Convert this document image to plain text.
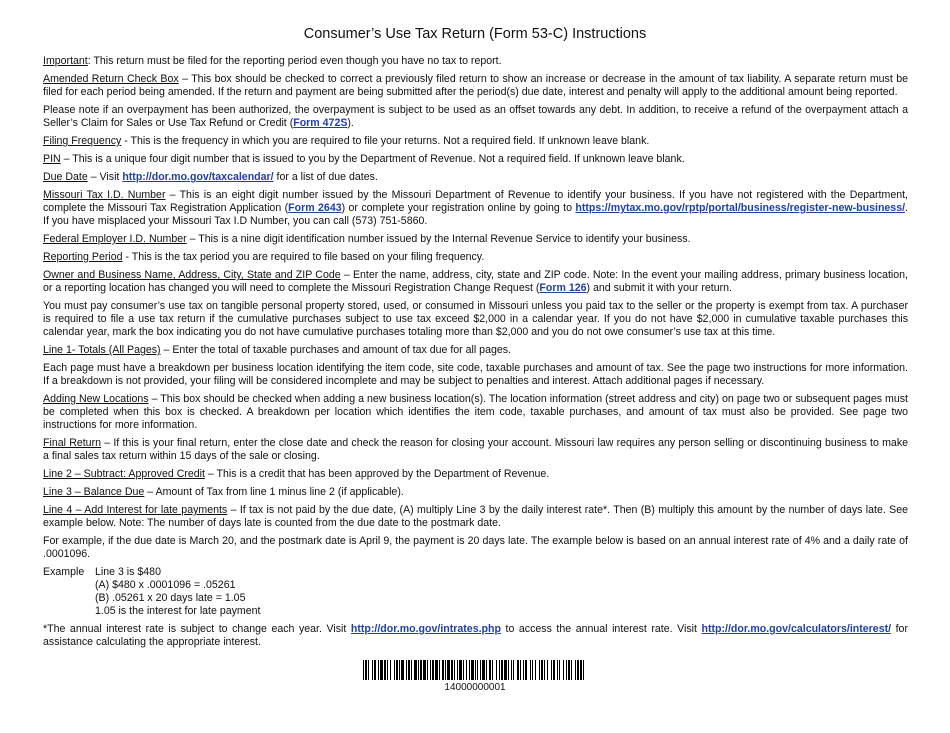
Consumer’s Use Tax Return (Form 53-C) Instructions

Important: This return must be filed for the reporting period even though you have no tax to report.

Amended Return Check Box – This box should be checked to correct a previously filed return to show an increase or decrease in the amount of tax liability. A separate return must be filed for each period being amended. If the return and payment are being submitted after the period(s) due date, interest and penalty will apply to the additional amount being reported.

Please note if an overpayment has been authorized, the overpayment is subject to be used as an offset towards any debt. In addition, to receive a refund of the overpayment attach a Seller’s Claim for Sales or Use Tax Refund or Credit (Form 472S).

Filing Frequency - This is the frequency in which you are required to file your returns. Not a required field. If unknown leave blank.

PIN – This is a unique four digit number that is issued to you by the Department of Revenue. Not a required field. If unknown leave blank.

Due Date – Visit http://dor.mo.gov/taxcalendar/ for a list of due dates.

Missouri Tax I.D. Number – This is an eight digit number issued by the Missouri Department of Revenue to identify your business. If you have not registered with the Department, complete the Missouri Tax Registration Application (Form 2643) or complete your registration online by going to https://mytax.mo.gov/rptp/portal/business/register-new-business/. If you have misplaced your Missouri Tax I.D Number, you can call (573) 751-5860.

Federal Employer I.D. Number – This is a nine digit identification number issued by the Internal Revenue Service to identify your business.

Reporting Period - This is the tax period you are required to file based on your filing frequency.

Owner and Business Name, Address, City, State and ZIP Code – Enter the name, address, city, state and ZIP code. Note: In the event your mailing address, primary business location, or a reporting location has changed you will need to complete the Missouri Registration Change Request (Form 126) and submit it with your return.

You must pay consumer’s use tax on tangible personal property stored, used, or consumed in Missouri unless you paid tax to the seller or the property is exempt from tax. A purchaser is required to file a use tax return if the cumulative purchases subject to use tax exceed $2,000 in a calendar year. If you do not have $2,000 in cumulative taxable purchases this calendar year, mark the box indicating you do not have cumulative purchases totaling more than $2,000 and you do not owe consumer’s use tax at this time.

Line 1- Totals (All Pages) – Enter the total of taxable purchases and amount of tax due for all pages.

Each page must have a breakdown per business location identifying the item code, site code, taxable purchases and amount of tax. See the page two instructions for more information. If a breakdown is not provided, your filing will be considered incomplete and may be subject to penalties and interest. Attach additional pages if necessary.

Adding New Locations – This box should be checked when adding a new business location(s). The location information (street address and city) on page two or subsequent pages must be completed when this box is checked. A breakdown per location which identifies the item code, taxable purchases, and amount of tax must also be provided. See page two instructions for more information.

Final Return – If this is your final return, enter the close date and check the reason for closing your account. Missouri law requires any person selling or discontinuing business to make a final sales tax return within 15 days of the sale or closing.

Line 2 – Subtract: Approved Credit – This is a credit that has been approved by the Department of Revenue.

Line 3 – Balance Due – Amount of Tax from line 1 minus line 2 (if applicable).

Line 4 – Add Interest for late payments – If tax is not paid by the due date, (A) multiply Line 3 by the daily interest rate*. Then (B) multiply this amount by the number of days late. See example below. Note: The number of days late is counted from the due date to the postmark date.

For example, if the due date is March 20, and the postmark date is April 9, the payment is 20 days late. The example below is based on an annual interest rate of 4% and a daily rate of .0001096.

Example	Line 3 is $480
(A) $480 x .0001096 = .05261
(B) .05261 x 20 days late = 1.05
1.05 is the interest for late payment

*The annual interest rate is subject to change each year. Visit http://dor.mo.gov/intrates.php to access the annual interest rate. Visit http://dor.mo.gov/calculators/interest/ for assistance calculating the appropriate interest.

14000000001
